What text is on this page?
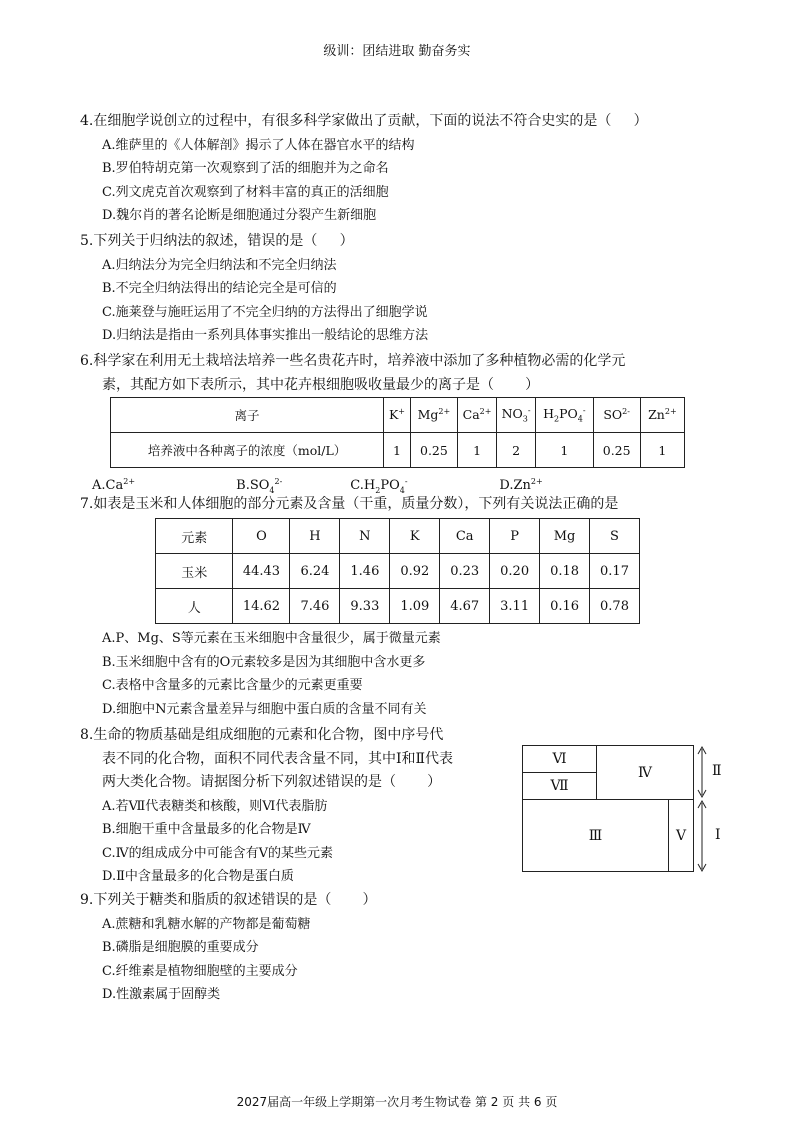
级训：团结进取 勤奋务实
4.在细胞学说创立的过程中，有很多科学家做出了贡献，下面的说法不符合史实的是（     ）
A.维萨里的《人体解剖》揭示了人体在器官水平的结构
B.罗伯特胡克第一次观察到了活的细胞并为之命名
C.列文虎克首次观察到了材料丰富的真正的活细胞
D.魏尔肖的著名论断是细胞通过分裂产生新细胞
5.下列关于归纳法的叙述，错误的是（     ）
A.归纳法分为完全归纳法和不完全归纳法
B.不完全归纳法得出的结论完全是可信的
C.施莱登与施旺运用了不完全归纳的方法得出了细胞学说
D.归纳法是指由一系列具体事实推出一般结论的思维方法
6.科学家在利用无土栽培法培养一些名贵花卉时，培养液中添加了多种植物必需的化学元
素，其配方如下表所示，其中花卉根细胞吸收量最少的离子是（       ）
离子	K+	$Mg^{2+}$	$Ca^{2+}$	$NO_3^-$	$H_2PO_4^-$	$SO^{2-}$	$Zn^{2+}$
培养液中各种离子的浓度（mol/L）	1	0.25	1	2	1	0.25	1
$A.Ca^{2+}$	$B.SO_4^{2-}$	$C.H_2PO_4^-$	$D.Zn^{2+}$
7.如表是玉米和人体细胞的部分元素及含量（干重，质量分数），下列有关说法正确的是
元素	O	H	N	K	Ca	P	Mg	S
玉米	44.43	6.24	1.46	0.92	0.23	0.20	0.18	0.17
人	14.62	7.46	9.33	1.09	4.67	3.11	0.16	0.78
A.P、Mg、S等元素在玉米细胞中含量很少，属于微量元素
B.玉米细胞中含有的O元素较多是因为其细胞中含水更多
C.表格中含量多的元素比含量少的元素更重要
D.细胞中N元素含量差异与细胞中蛋白质的含量不同有关
8.生命的物质基础是组成细胞的元素和化合物，图中序号代
表不同的化合物，面积不同代表含量不同，其中Ⅰ和Ⅱ代表
两大类化合物。请据图分析下列叙述错误的是（       ）
A.若Ⅶ代表糖类和核酸，则Ⅵ代表脂肪
B.细胞干重中含量最多的化合物是Ⅳ
C.Ⅳ的组成成分中可能含有Ⅴ的某些元素
D.Ⅱ中含量最多的化合物是蛋白质
Ⅵ
Ⅶ
Ⅳ
Ⅲ	Ⅴ
Ⅱ
Ⅰ
9.下列关于糖类和脂质的叙述错误的是（       ）
A.蔗糖和乳糖水解的产物都是葡萄糖
B.磷脂是细胞膜的重要成分
C.纤维素是植物细胞壁的主要成分
D.性激素属于固醇类
2027届高一年级上学期第一次月考生物试卷 第 2 页 共 6 页
